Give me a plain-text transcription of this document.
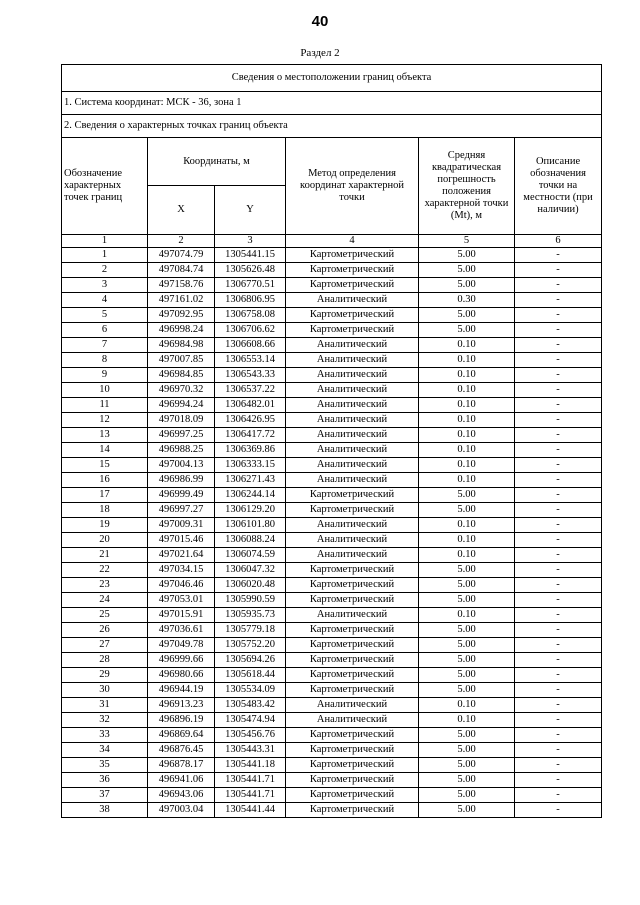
40
Раздел 2
Сведения о местоположении границ объекта					
1. Система координат: МСК - 36, зона 1					
2. Сведения о характерных точках границ объекта					
Обозначение характерных точек границ	Координаты, м		Метод определения координат характерной точки	Средняя квадратическая погрешность положения характерной точки (Mt), м	Описание обозначения точки на местности (при наличии)
	X	Y			
1	2	3	4	5	6
1	497074.79	1305441.15	Картометрический	5.00	-
2	497084.74	1305626.48	Картометрический	5.00	-
3	497158.76	1306770.51	Картометрический	5.00	-
4	497161.02	1306806.95	Аналитический	0.30	-
5	497092.95	1306758.08	Картометрический	5.00	-
6	496998.24	1306706.62	Картометрический	5.00	-
7	496984.98	1306608.66	Аналитический	0.10	-
8	497007.85	1306553.14	Аналитический	0.10	-
9	496984.85	1306543.33	Аналитический	0.10	-
10	496970.32	1306537.22	Аналитический	0.10	-
11	496994.24	1306482.01	Аналитический	0.10	-
12	497018.09	1306426.95	Аналитический	0.10	-
13	496997.25	1306417.72	Аналитический	0.10	-
14	496988.25	1306369.86	Аналитический	0.10	-
15	497004.13	1306333.15	Аналитический	0.10	-
16	496986.99	1306271.43	Аналитический	0.10	-
17	496999.49	1306244.14	Картометрический	5.00	-
18	496997.27	1306129.20	Картометрический	5.00	-
19	497009.31	1306101.80	Аналитический	0.10	-
20	497015.46	1306088.24	Аналитический	0.10	-
21	497021.64	1306074.59	Аналитический	0.10	-
22	497034.15	1306047.32	Картометрический	5.00	-
23	497046.46	1306020.48	Картометрический	5.00	-
24	497053.01	1305990.59	Картометрический	5.00	-
25	497015.91	1305935.73	Аналитический	0.10	-
26	497036.61	1305779.18	Картометрический	5.00	-
27	497049.78	1305752.20	Картометрический	5.00	-
28	496999.66	1305694.26	Картометрический	5.00	-
29	496980.66	1305618.44	Картометрический	5.00	-
30	496944.19	1305534.09	Картометрический	5.00	-
31	496913.23	1305483.42	Аналитический	0.10	-
32	496896.19	1305474.94	Аналитический	0.10	-
33	496869.64	1305456.76	Картометрический	5.00	-
34	496876.45	1305443.31	Картометрический	5.00	-
35	496878.17	1305441.18	Картометрический	5.00	-
36	496941.06	1305441.71	Картометрический	5.00	-
37	496943.06	1305441.71	Картометрический	5.00	-
38	497003.04	1305441.44	Картометрический	5.00	-
